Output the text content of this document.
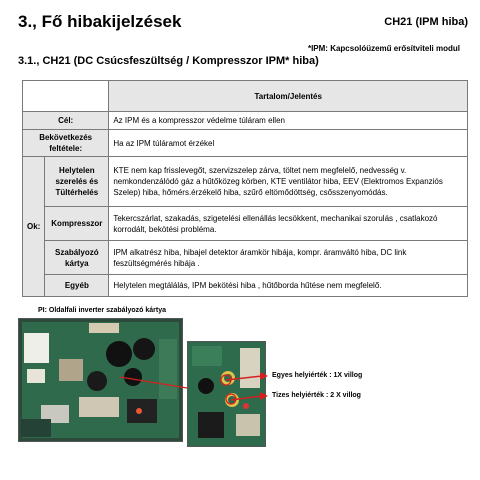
3., Fő hibakijelzések	CH21 (IPM hiba)
*IPM: Kapcsolóüzemű erősítviteli modul
3.1., CH21 (DC Csúcsfeszültség / Kompresszor IPM* hiba)
		Tartalom/Jelentés
Cél:		Az IPM és a kompresszor védelme túláram ellen
Bekövetkezés feltétele:		Ha az IPM túláramot érzékel
Ok:	Helytelen szerelés és Tültérhelés	KTE nem kap frisslevegőt, szervizszelep zárva, töltet nem megfelelő, nedvesség v. nemkondenzálódó gáz a hűtőközeg körben, KTE ventilátor hiba, EEV (Elektromos Expanziós Szelep) hiba, hőmérs.érzékelő hiba, szűrő eltömődöttség, csősszenyomódás.
	Kompresszor	Tekercszárlat, szakadás, szigetelési ellenállás lecsökkent, mechanikai szorulás , csatlakozó korrodált, bekötési probléma.
	Szabályozó kártya	IPM alkatrész hiba, hibajel detektor áramkör hibája, kompr. áramváltó hiba, DC link feszültségmérés hibája .
	Egyéb	Helytelen megtálálás, IPM bekötési hiba , hűtőborda hűtése nem megfelelő.
PI: Oldalfali inverter szabályozó kártya
Egyes helyiérték : 1X villog
Tizes helyiérték : 2 X villog
